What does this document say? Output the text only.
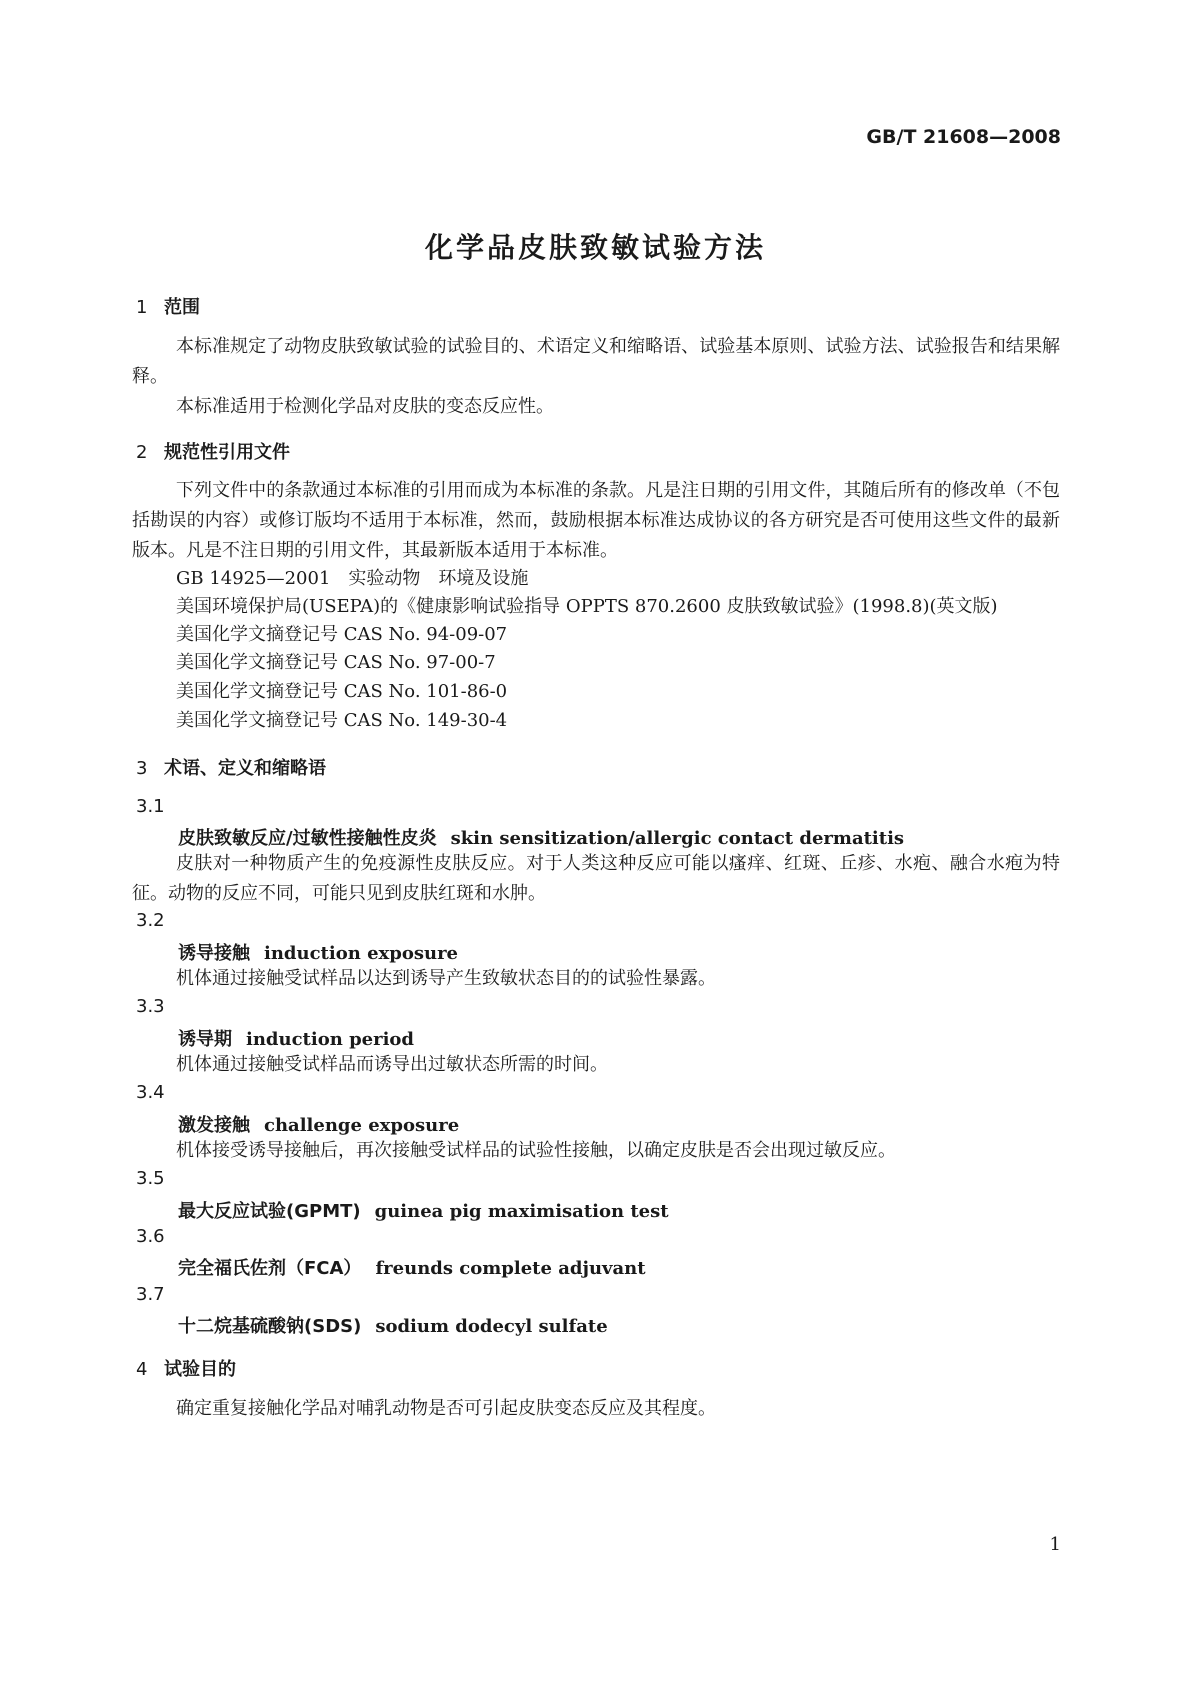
GB/T 21608—2008
化学品皮肤致敏试验方法
1 范围
本标准规定了动物皮肤致敏试验的试验目的、术语定义和缩略语、试验基本原则、试验方法、试验报告和结果解释。
本标准适用于检测化学品对皮肤的变态反应性。
2 规范性引用文件
下列文件中的条款通过本标准的引用而成为本标准的条款。凡是注日期的引用文件，其随后所有的修改单（不包括勘误的内容）或修订版均不适用于本标准，然而，鼓励根据本标准达成协议的各方研究是否可使用这些文件的最新版本。凡是不注日期的引用文件，其最新版本适用于本标准。
GB 14925—2001　实验动物　环境及设施
美国环境保护局(USEPA)的《健康影响试验指导 OPPTS 870.2600 皮肤致敏试验》(1998.8)(英文版)
美国化学文摘登记号 CAS No. 94-09-07
美国化学文摘登记号 CAS No. 97-00-7
美国化学文摘登记号 CAS No. 101-86-0
美国化学文摘登记号 CAS No. 149-30-4
3 术语、定义和缩略语
3.1
皮肤致敏反应/过敏性接触性皮炎 skin sensitization/allergic contact dermatitis
皮肤对一种物质产生的免疫源性皮肤反应。对于人类这种反应可能以瘙痒、红斑、丘疹、水疱、融合水疱为特征。动物的反应不同，可能只见到皮肤红斑和水肿。
3.2
诱导接触 induction exposure
机体通过接触受试样品以达到诱导产生致敏状态目的的试验性暴露。
3.3
诱导期 induction period
机体通过接触受试样品而诱导出过敏状态所需的时间。
3.4
激发接触 challenge exposure
机体接受诱导接触后，再次接触受试样品的试验性接触，以确定皮肤是否会出现过敏反应。
3.5
最大反应试验(GPMT) guinea pig maximisation test
3.6
完全福氏佐剂（FCA） freunds complete adjuvant
3.7
十二烷基硫酸钠(SDS) sodium dodecyl sulfate
4 试验目的
确定重复接触化学品对哺乳动物是否可引起皮肤变态反应及其程度。
1
